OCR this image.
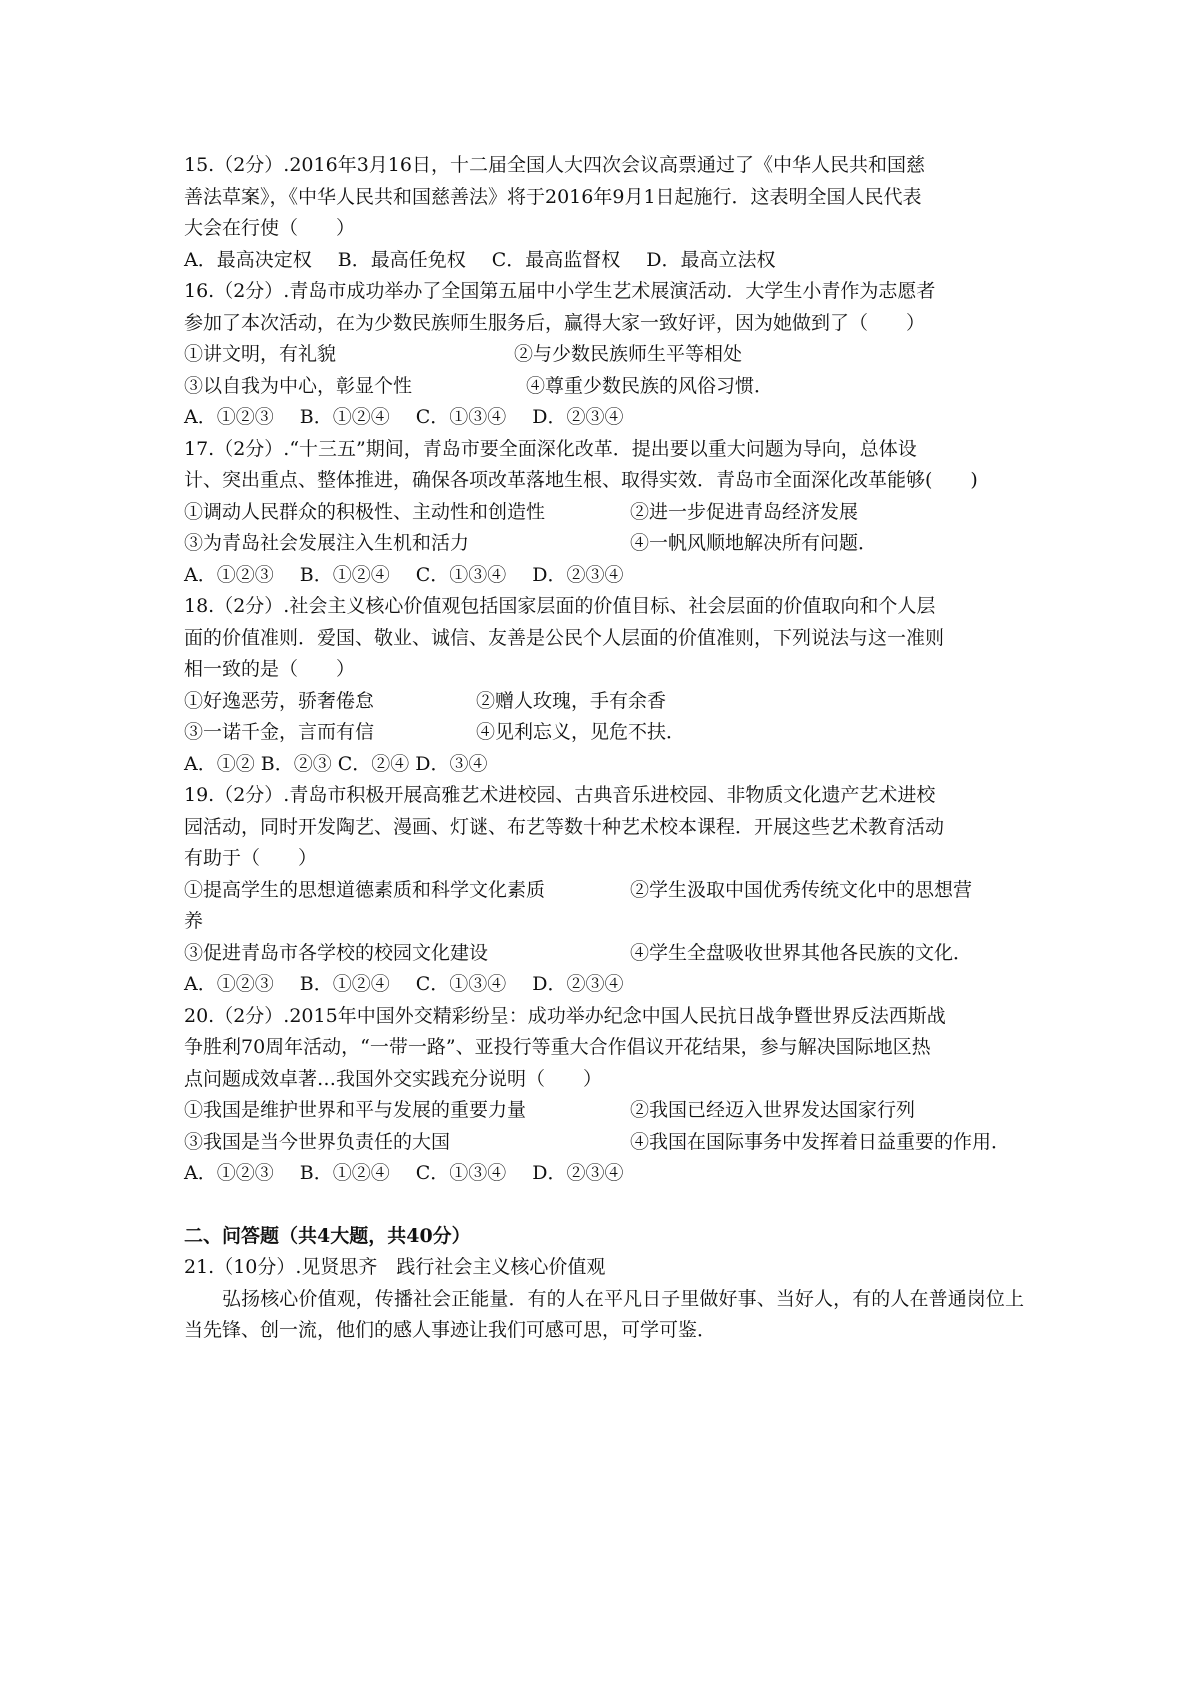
15.（2分）.2016年3月16日，十二届全国人大四次会议高票通过了《中华人民共和国慈
善法草案》，《中华人民共和国慈善法》将于2016年9月1日起施行．这表明全国人民代表
大会在行使（　　）
A．最高决定权 B．最高任免权 C．最高监督权 D．最高立法权
16.（2分）.青岛市成功举办了全国第五届中小学生艺术展演活动．大学生小青作为志愿者
参加了本次活动，在为少数民族师生服务后，赢得大家一致好评，因为她做到了（　　）
①讲文明，有礼貌	②与少数民族师生平等相处
③以自我为中心，彰显个性	④尊重少数民族的风俗习惯．
A．①②③ B．①②④ C．①③④ D．②③④
17.（2分）.“十三五”期间，青岛市要全面深化改革．提出要以重大问题为导向，总体设
计、突出重点、整体推进，确保各项改革落地生根、取得实效．青岛市全面深化改革能够(　　)
①调动人民群众的积极性、主动性和创造性	②进一步促进青岛经济发展
③为青岛社会发展注入生机和活力	④一帆风顺地解决所有问题．
A．①②③ B．①②④ C．①③④ D．②③④
18.（2分）.社会主义核心价值观包括国家层面的价值目标、社会层面的价值取向和个人层
面的价值准则．爱国、敬业、诚信、友善是公民个人层面的价值准则，下列说法与这一准则
相一致的是（　　）
①好逸恶劳，骄奢倦怠	②赠人玫瑰，手有余香
③一诺千金，言而有信	④见利忘义，见危不扶．
A．①② B．②③ C．②④ D．③④
19.（2分）.青岛市积极开展高雅艺术进校园、古典音乐进校园、非物质文化遗产艺术进校
园活动，同时开发陶艺、漫画、灯谜、布艺等数十种艺术校本课程．开展这些艺术教育活动
有助于（　　）
①提高学生的思想道德素质和科学文化素质	②学生汲取中国优秀传统文化中的思想营
养
③促进青岛市各学校的校园文化建设	④学生全盘吸收世界其他各民族的文化．
A．①②③ B．①②④ C．①③④ D．②③④
20.（2分）.2015年中国外交精彩纷呈：成功举办纪念中国人民抗日战争暨世界反法西斯战
争胜利70周年活动，“一带一路”、亚投行等重大合作倡议开花结果，参与解决国际地区热
点问题成效卓著…我国外交实践充分说明（　　）
①我国是维护世界和平与发展的重要力量	②我国已经迈入世界发达国家行列
③我国是当今世界负责任的大国	④我国在国际事务中发挥着日益重要的作用．
A．①②③ B．①②④ C．①③④ D．②③④
二、问答题（共4大题，共40分）
21.（10分）.见贤思齐　践行社会主义核心价值观
弘扬核心价值观，传播社会正能量．有的人在平凡日子里做好事、当好人，有的人在普通岗位上当先锋、创一流，他们的感人事迹让我们可感可思，可学可鉴．
